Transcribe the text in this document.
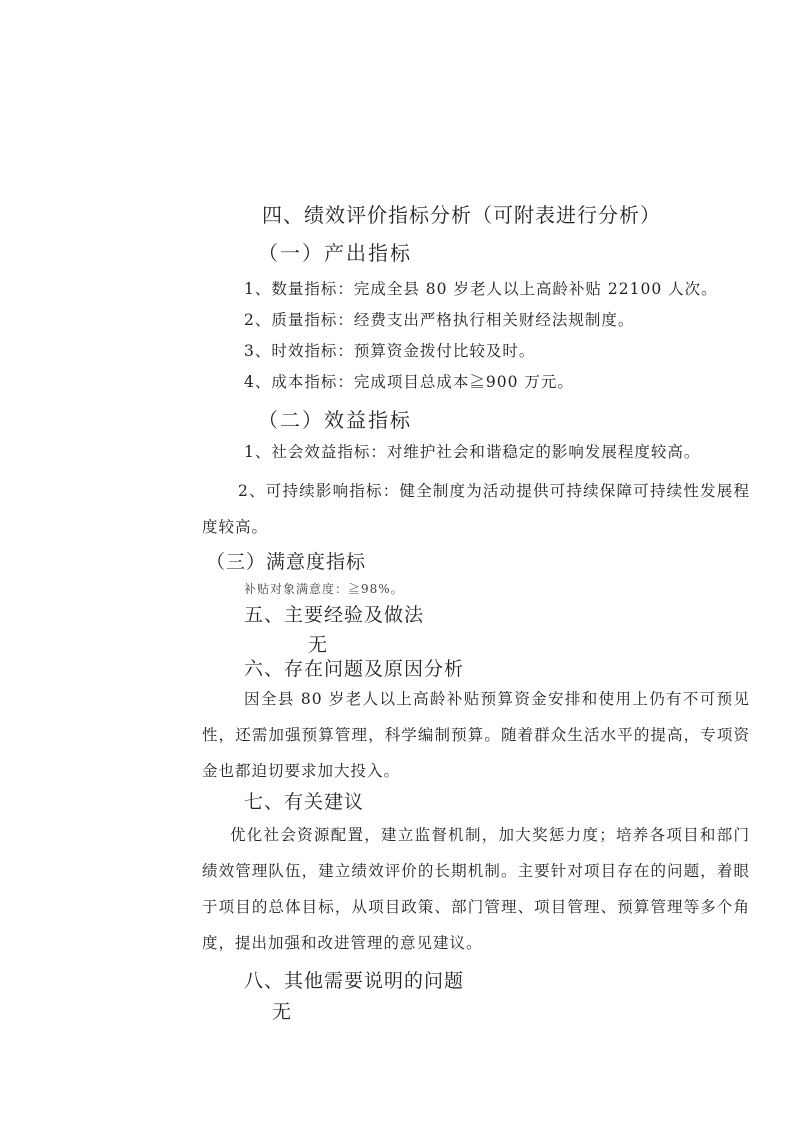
四、绩效评价指标分析（可附表进行分析）
（一）产出指标
1、数量指标：完成全县 80 岁老人以上高龄补贴 22100 人次。
2、质量指标：经费支出严格执行相关财经法规制度。
3、时效指标：预算资金拨付比较及时。
4、成本指标：完成项目总成本≧900 万元。
（二）效益指标
1、社会效益指标：对维护社会和谐稳定的影响发展程度较高。
2、可持续影响指标：健全制度为活动提供可持续保障可持续性发展程度较高。
（三）满意度指标
补贴对象满意度：≧98%。
五、主要经验及做法
无
六、存在问题及原因分析
因全县 80 岁老人以上高龄补贴预算资金安排和使用上仍有不可预见性，还需加强预算管理，科学编制预算。随着群众生活水平的提高，专项资金也都迫切要求加大投入。
七、有关建议
优化社会资源配置，建立监督机制，加大奖惩力度；培养各项目和部门绩效管理队伍，建立绩效评价的长期机制。主要针对项目存在的问题，着眼于项目的总体目标，从项目政策、部门管理、项目管理、预算管理等多个角度，提出加强和改进管理的意见建议。
八、其他需要说明的问题
无
